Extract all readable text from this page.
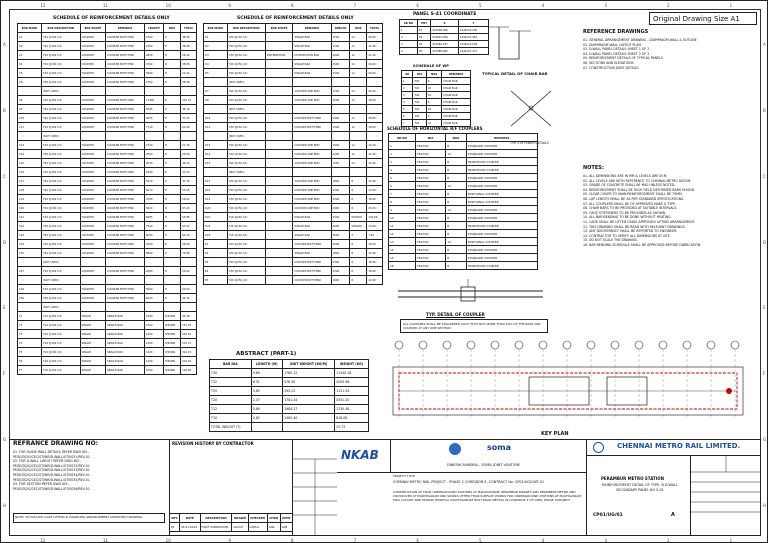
12	11	10	9	8	7	6	5	4	3	2	1
12	11	10	9	8	7	6	5	4	3	2	1
A
B
C
D
E
F
G
H
A
B
C
D
E
F
G
H
Original Drawing Size A1
SCHEDULE OF REINFORCEMENT DETAILS ONLY
BAR MARK	BAR DESCRIPTION	BAR SHAPE	REMARKS	LENGTH	NOS	TOTAL
C1	T40 @150 C/C	COUPLER	COUPLER BOTH END	4760	8	38.08
C2	T40 @150 C/C	COUPLER	COUPLER BOTH END	4760	8	38.08
C3	T40 @150 C/C	COUPLER	COUPLER BOTH END	4800	8	38.40
C4	T40 @150 C/C	COUPLER	COUPLER BOTH END	4760	8	38.08
C5	T40 @150 C/C	COUPLER	COUPLER BOTH END	3990	8	31.92
C6	T40 @150 C/C	COUPLER	COUPLER BOTH END	4760	8	38.08
	(NOT USED)					
C8	T40 @150 C/C	COUPLER	COUPLER BOTH END	13465	8	107.72
C9	T40 @150 C/C	COUPLER	COUPLER BOTH END	4595	8	36.76
C10	T40 @150 C/C	COUPLER	COUPLER BOTH END	4655	8	37.24
C11	T40 @150 C/C	COUPLER	COUPLER BOTH END	7710	8	61.68
	(NOT USED)					
C13	T40 @150 C/C	COUPLER	COUPLER BOTH END	2720	8	21.76
C14	T40 @150 C/C	COUPLER	COUPLER BOTH END	2500	8	20.00
C15	T40 @150 C/C	COUPLER	COUPLER BOTH END	4530	8	36.24
C16	T40 @150 C/C	COUPLER	COUPLER BOTH END	5940	8	47.52
C17	T40 @150 C/C	COUPLER	COUPLER BOTH END	5970	8	47.76
C18	T40 @150 C/C	COUPLER	COUPLER BOTH END	6570	8	52.56
C19	T40 @150 C/C	COUPLER	COUPLER BOTH END	7080	8	56.64
C20	T40 @150 C/C	COUPLER	COUPLER BOTH END	8400	8	67.20
C21	T40 @150 C/C	COUPLER	COUPLER BOTH END	6985	8	55.88
C22	T40 @150 C/C	COUPLER	COUPLER BOTH END	7940	8	63.52
C23	T40 @150 C/C	COUPLER	COUPLER BOTH END	8050	8	64.40
C24	T40 @150 C/C	COUPLER	COUPLER BOTH END	7000	8	56.00
C25	T40 @150 C/C	COUPLER	COUPLER BOTH END	8860	8	70.88
	(NOT USED)					
C27	T40 @150 C/C	COUPLER	COUPLER BOTH END	4080	8	32.64
	(NOT USED)					
C29	T40 @150 C/C	COUPLER	COUPLER BOTH END	5000	8	40.00
C30	T40 @150 C/C	COUPLER	COUPLER BOTH END	6220	8	49.76
	(NOT USED)					
T1	T16 @150 C/C	SINGLE	SINGLE BAR	1260	SHOWN	44.28
T2	T16 @150 C/C	SINGLE	SINGLE BAR	1260	SHOWN	151.79
T3	T16 @150 C/C	SINGLE	SINGLE BAR	1260	SHOWN	249.43
T4	T16 @150 C/C	SINGLE	SINGLE BAR	1260	SHOWN	533.12
T5	T16 @150 C/C	SINGLE	SINGLE BAR	1260	SHOWN	324.74
T6	T16 @150 C/C	SINGLE	SINGLE BAR	1260	SHOWN	416.76
T7	T16 @150 C/C	SINGLE	SINGLE BAR	1260	SHOWN	126.58
SCHEDULE OF REINFORCEMENT DETAILS ONLY
BAR MARK	BAR DESCRIPTION	BAR SHAPE	REMARKS	LENGTH	NOS	TOTAL
D1	T40 @150 C/C		SINGLE BAR	2500	12	30.00
D2	T40 @150 C/C		SINGLE BAR	1200	12	14.40
D3	T40 @150 C/C	DISTRIBUTION	DISTRIBUTION BAR	2600	12	31.20
D4	T40 @150 C/C		SINGLE BAR	2500	12	30.00
D5	T40 @150 C/C		SINGLE BAR	2500	12	30.00
	(NOT USED)					
D7	T40 @150 C/C		COUPLER ONE END	1700	12	20.40
D8	T40 @150 C/C		COUPLER ONE END	1500	12	18.00
	(NOT USED)					
D10	T40 @150 C/C		COUPLER BOTH END	2400	12	28.80
D11	T40 @150 C/C		COUPLER BOTH END	1500	12	18.00
	(NOT USED)					
D13	T40 @150 C/C		COUPLER ONE END	1600	12	19.20
D14	T40 @150 C/C		COUPLER ONE END	1200	12	14.40
D15	T40 @150 C/C		COUPLER ONE END	1250	12	15.00
	(NOT USED)					
D17	T40 @150 C/C		COUPLER ONE END	1800	8	14.40
D18	T40 @150 C/C		COUPLER ONE END	2200	8	17.60
D19	T40 @150 C/C		COUPLER ONE END	2300	8	18.40
D20	T40 @150 C/C		COUPLER ONE END	2900	8	23.20
D21	T16 @150 C/C		SINGLE BAR	2500	SHOWN	130.66
D22	T16 @150 C/C		SINGLE BAR	2600	SHOWN	13.80
D23	T16 @150 C/C		SINGLE BAR	5500	3	7.40
E1	T40 @150 C/C		COUPLER BOTH END	2000	8	16.00
E2	T40 @150 C/C		SINGLE BAR	1800	8	14.40
E3	T40 @150 C/C		COUPLER BOTH END	2300	8	18.40
E4	T40 @150 C/C		COUPLER BOTH END	2300	8	18.40
E5	T40 @150 C/C		COUPLER BOTH END	1600	8	12.80
ABSTRACT (PART-1)
BAR DIA	LENGTH (M)	UNIT WEIGHT (KG/M)	WEIGHT (KG)
T40	9.89	1780.12	11340.18
T32	6.31	578.30	4205.56
T25	3.85	295.23	1131.34
T20	2.47	1781.44	4301.20
T12	0.89	1984.27	1730.48
T10	0.62	1462.40	818.08
TOTAL WEIGHT (T)			23.73
PANEL S-41 COORDINATE
SR NO	PNT	X	Y
1	P1	413098.306	1449123.205
2	P2	413091.508	1449127.963
3	P3	413064.187	1449112.048
4	P4	413089.905	1449107.371
SCHEDULE OF WP
SR	DIA	NOS	REMARKS
1	T20	6	CHAIR BAR
2	T20	10	CHAIR BAR
3	T20	10	CHAIR BAR
4	T20	6	CHAIR BAR
5	T20	10	CHAIR BAR
6	T20	6	CHAIR BAR
7	T20	12	CHAIR BAR
TYPICAL DETAIL OF CHAIR BAR
TYP. STIFFENER DETAILS
SCHEDULE OF HORIZONTAL R/F COUPLERS
SR NO	DIA	NOS	REMARKS
1	T40/T20	8	STANDARD COUPLER
2	T40/T20	12	STANDARD COUPLER
3	T40/T20	8	TRANSITION COUPLER
4	T40/T20	8	TRANSITION COUPLER
5	T40/T20	8	STANDARD COUPLER
6	T40/T20	12	STANDARD COUPLER
7	T40/T20	8	POSITIONAL COUPLER
8	T40/T20	8	POSITIONAL COUPLER
9	T40/T20	12	STANDARD COUPLER
10	T40/T20	8	STANDARD COUPLER
11	T40/T20	8	TRANSITION COUPLER
12	T40/T20	8	STANDARD COUPLER
13	T40/T20	12	POSITIONAL COUPLER
14	T40/T20	8	STANDARD COUPLER
15	T40/T20	8	STANDARD COUPLER
16	T40/T20	8	TRANSITION COUPLER
TYP. DETAIL OF COUPLER
ALL COUPLERS SHALL BE STAGGERED SUCH THAT NOT MORE THAN 50% OF THE BARS ARE COUPLED AT ANY ONE SECTION
REFERENCE DRAWINGS

01. GENERAL ARRANGEMENT DRAWING - DIAPHRAGM WALL & OUTLINE

02. DIAPHRAGM WALL LAYOUT PLAN

03. D-WALL PANEL DETAILS SHEET 1 OF 2

04. D-WALL PANEL DETAILS SHEET 2 OF 2

05. REINFORCEMENT DETAILS OF TYPICAL PANELS

06. SECTIONS AND ELEVATIONS

07. CONSTRUCTION JOINT DETAILS

NOTES:

01. ALL DIMENSIONS ARE IN MM & LEVELS ARE IN M.

02. ALL LEVELS ARE WITH REFERENCE TO CHENNAI METRO DATUM.

03. GRADE OF CONCRETE SHALL BE M40 UNLESS NOTED.

04. REINFORCEMENT SHALL BE HIGH YIELD DEFORMED BARS Fe500D.

05. CLEAR COVER TO MAIN REINFORCEMENT SHALL BE 75MM.

06. LAP LENGTH SHALL BE AS PER STANDARD SPECIFICATIONS.

07. ALL COUPLERS SHALL BE OF APPROVED MAKE & TYPE.

08. CHAIR BARS TO BE PROVIDED AT SUITABLE INTERVALS.

09. CAGE STIFFENERS TO BE PROVIDED AS SHOWN.

10. ALL BAR BENDING TO BE DONE WITHOUT HEATING.

11. CAGE SHALL BE LIFTED USING APPROVED LIFTING ARRANGEMENT.

12. THIS DRAWING SHALL BE READ WITH RELEVANT DRAWINGS.

13. ANY DISCREPANCY SHALL BE REPORTED TO ENGINEER.

14. CONTRACTOR TO VERIFY ALL DIMENSIONS AT SITE.

15. DO NOT SCALE THE DRAWING.

16. BAR BENDING SCHEDULE SHALL BE APPROVED BEFORE FABRICATION.

KEY PLAN
REFRANCE DRAWING NO:

01. FOR GUIDE WALL DETAILS REFER DWG NO:-

PEGE/D/2G/CEC/ST/WR/D-WALL/GT/0031/REV-01

02. FOR D-WALL LAYOUT REFER DWG NO:-

PEGE/D/2G/CEC/ST/WR/D-WALL/GT/0032/REV-01

PEGE/D/2G/CEC/ST/WR/D-WALL/GT/0033/REV-01

PEGE/D/2G/CEC/ST/WR/D-WALL/GT/0034/REV-01

PEGE/D/2G/CEC/ST/WR/D-WALL/GT/0035/REV-01

03. FOR SECTION REFER DWG NO:-

PEGE/D/2G/CEC/ST/WR/D-WALL/GT/0036/REV-01

NOTE: TO FOLLOW CAGE LIFTING & HANDLING ARRANGEMENT APPROVED DRAWING
REVISION HISTORY BY CONTRACTOR
REV	DATE	DESCRIPTION	DRAWN	CHECKED	CHKD	APPR
P1	31.01.2024	FIRST SUBMISSION	AKASH	GOKUL	SAB	SAB
NKAB
soma
DINESHCHANDRA - SOMA JOINT VENTURE
PROJECT TITLE
CHENNAI METRO RAIL PROJECT - PHASE 2 CORRIDOR-3, CONTRACT No. CP01/UG/CWT-01
CONSTRUCTION OF FOUR UNDERGROUND STATIONS AT MADHAVARAM, PERAMBUR MARKET AND PERAMBUR METRO AND CROSSOVER AT MADHAVARAM AND WORKS OTHER THAN SURFACE WORKS FOR UNDERGROUND STATIONS AT MADHAVARAM MILK COLONY AND MURARI HOSPITAL (MADHAVARAM HIGH ROAD METRO) IN CORRIDOR 3 OF CMRL PHASE II PROJECT
CHENNAI METRO RAIL LIMITED.
PERAMBUR METRO STATION
REINFORCEMENT DETAIL OF TYPE- B D-WALL SECONDARY PANEL NO S-41
CP01/UG/01	A
